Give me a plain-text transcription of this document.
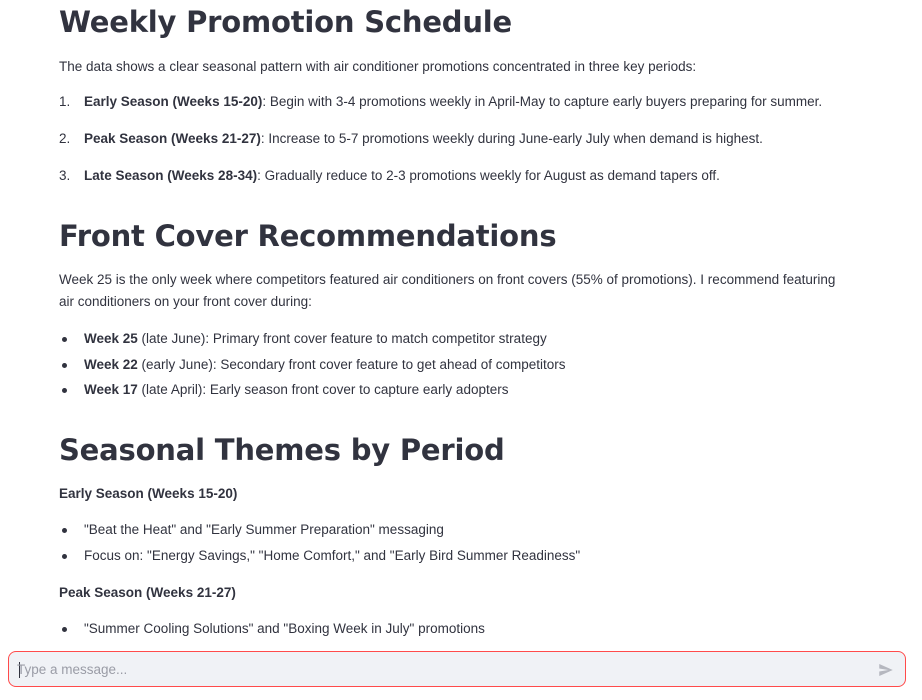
Weekly Promotion Schedule

The data shows a clear seasonal pattern with air conditioner promotions concentrated in three key periods:

1. Early Season (Weeks 15-20): Begin with 3-4 promotions weekly in April-May to capture early buyers preparing for summer.
2. Peak Season (Weeks 21-27): Increase to 5-7 promotions weekly during June-early July when demand is highest.
3. Late Season (Weeks 28-34): Gradually reduce to 2-3 promotions weekly for August as demand tapers off.
Front Cover Recommendations

Week 25 is the only week where competitors featured air conditioners on front covers (55% of promotions). I recommend featuring air conditioners on your front cover during:

Week 25 (late June): Primary front cover feature to match competitor strategy
Week 22 (early June): Secondary front cover feature to get ahead of competitors
Week 17 (late April): Early season front cover to capture early adopters
Seasonal Themes by Period

Early Season (Weeks 15-20)

"Beat the Heat" and "Early Summer Preparation" messaging
Focus on: "Energy Savings," "Home Comfort," and "Early Bird Summer Readiness"

Peak Season (Weeks 21-27)

"Summer Cooling Solutions" and "Boxing Week in July" promotions
Type a message...
